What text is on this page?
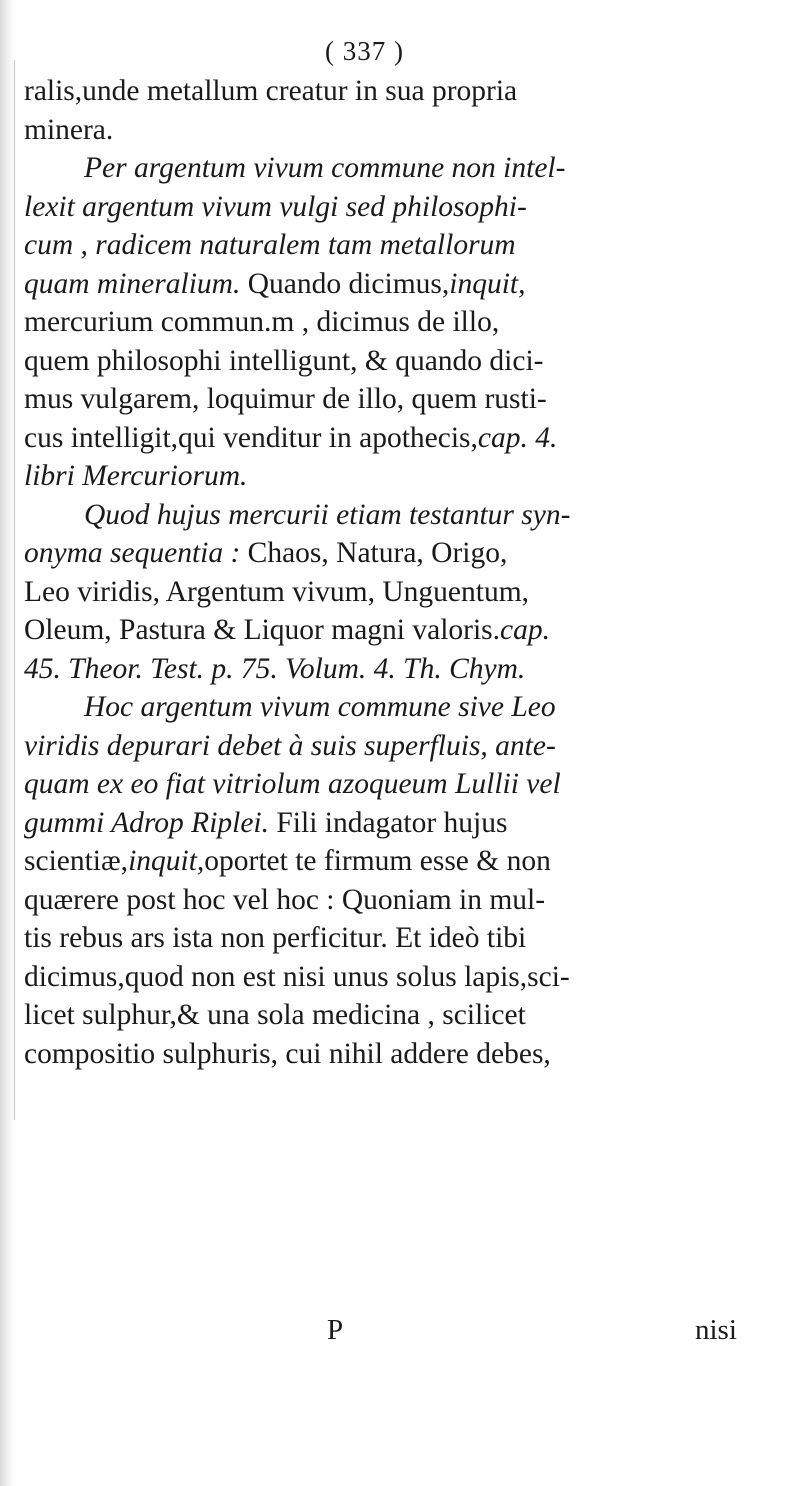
( 337 )
ralis,unde metallum creatur in sua propria
minera.
Per argentum vivum commune non intel-
lexit argentum vivum vulgi sed philosophi-
cum , radicem naturalem tam metallorum
quam mineralium. Quando dicimus,inquit,
mercurium commun.m , dicimus de illo,
quem philosophi intelligunt, & quando dici-
mus vulgarem, loquimur de illo, quem rusti-
cus intelligit,qui venditur in apothecis,cap. 4.
libri Mercuriorum.
Quod hujus mercurii etiam testantur syn-
onyma sequentia : Chaos, Natura, Origo,
Leo viridis, Argentum vivum, Unguentum,
Oleum, Pastura & Liquor magni valoris.cap.
45. Theor. Test. p. 75. Volum. 4. Th. Chym.
Hoc argentum vivum commune sive Leo
viridis depurari debet à suis superfluis, ante-
quam ex eo fiat vitriolum azoqueum Lullii vel
gummi Adrop Riplei. Fili indagator hujus
scientiæ,inquit,oportet te firmum esse & non
quærere post hoc vel hoc : Quoniam in mul-
tis rebus ars ista non perficitur. Et ideò tibi
dicimus,quod non est nisi unus solus lapis,sci-
licet sulphur,& una sola medicina , scilicet
compositio sulphuris, cui nihil addere debes,
P	nisi
